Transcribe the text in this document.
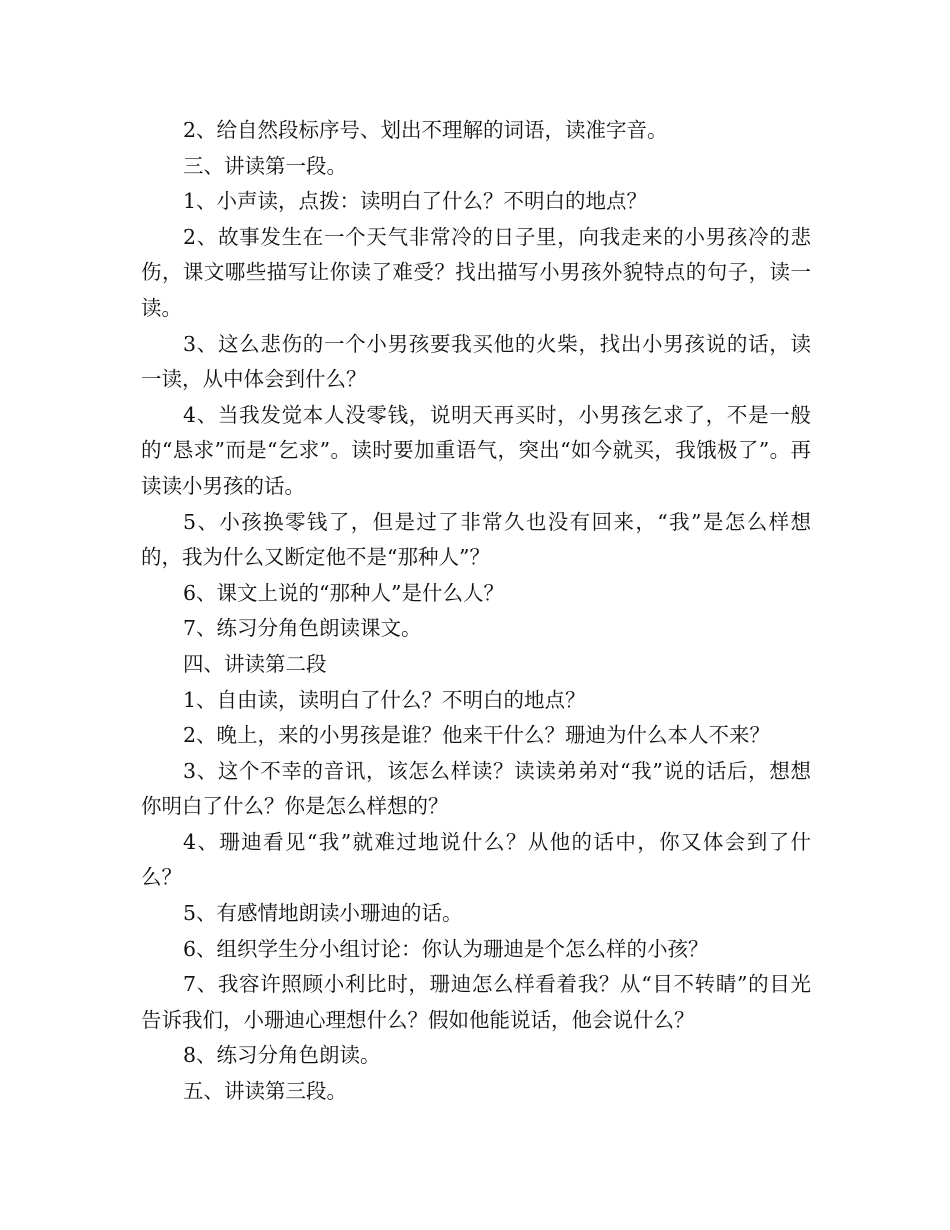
2、给自然段标序号、划出不理解的词语，读准字音。

三、讲读第一段。

1、小声读，点拨：读明白了什么？不明白的地点？

2、故事发生在一个天气非常冷的日子里，向我走来的小男孩冷的悲伤，课文哪些描写让你读了难受？找出描写小男孩外貌特点的句子，读一读。

3、这么悲伤的一个小男孩要我买他的火柴，找出小男孩说的话，读一读，从中体会到什么？

4、当我发觉本人没零钱，说明天再买时，小男孩乞求了，不是一般的“恳求”而是“乞求”。读时要加重语气，突出“如今就买，我饿极了”。再读读小男孩的话。

5、小孩换零钱了，但是过了非常久也没有回来，“我”是怎么样想的，我为什么又断定他不是“那种人”？

6、课文上说的“那种人”是什么人？

7、练习分角色朗读课文。

四、讲读第二段

1、自由读，读明白了什么？不明白的地点？

2、晚上，来的小男孩是谁？他来干什么？珊迪为什么本人不来？

3、这个不幸的音讯，该怎么样读？读读弟弟对“我”说的话后，想想你明白了什么？你是怎么样想的？

4、珊迪看见“我”就难过地说什么？从他的话中，你又体会到了什么？

5、有感情地朗读小珊迪的话。

6、组织学生分小组讨论：你认为珊迪是个怎么样的小孩？

7、我容许照顾小利比时，珊迪怎么样看着我？从“目不转睛”的目光告诉我们，小珊迪心理想什么？假如他能说话，他会说什么？

8、练习分角色朗读。

五、讲读第三段。
